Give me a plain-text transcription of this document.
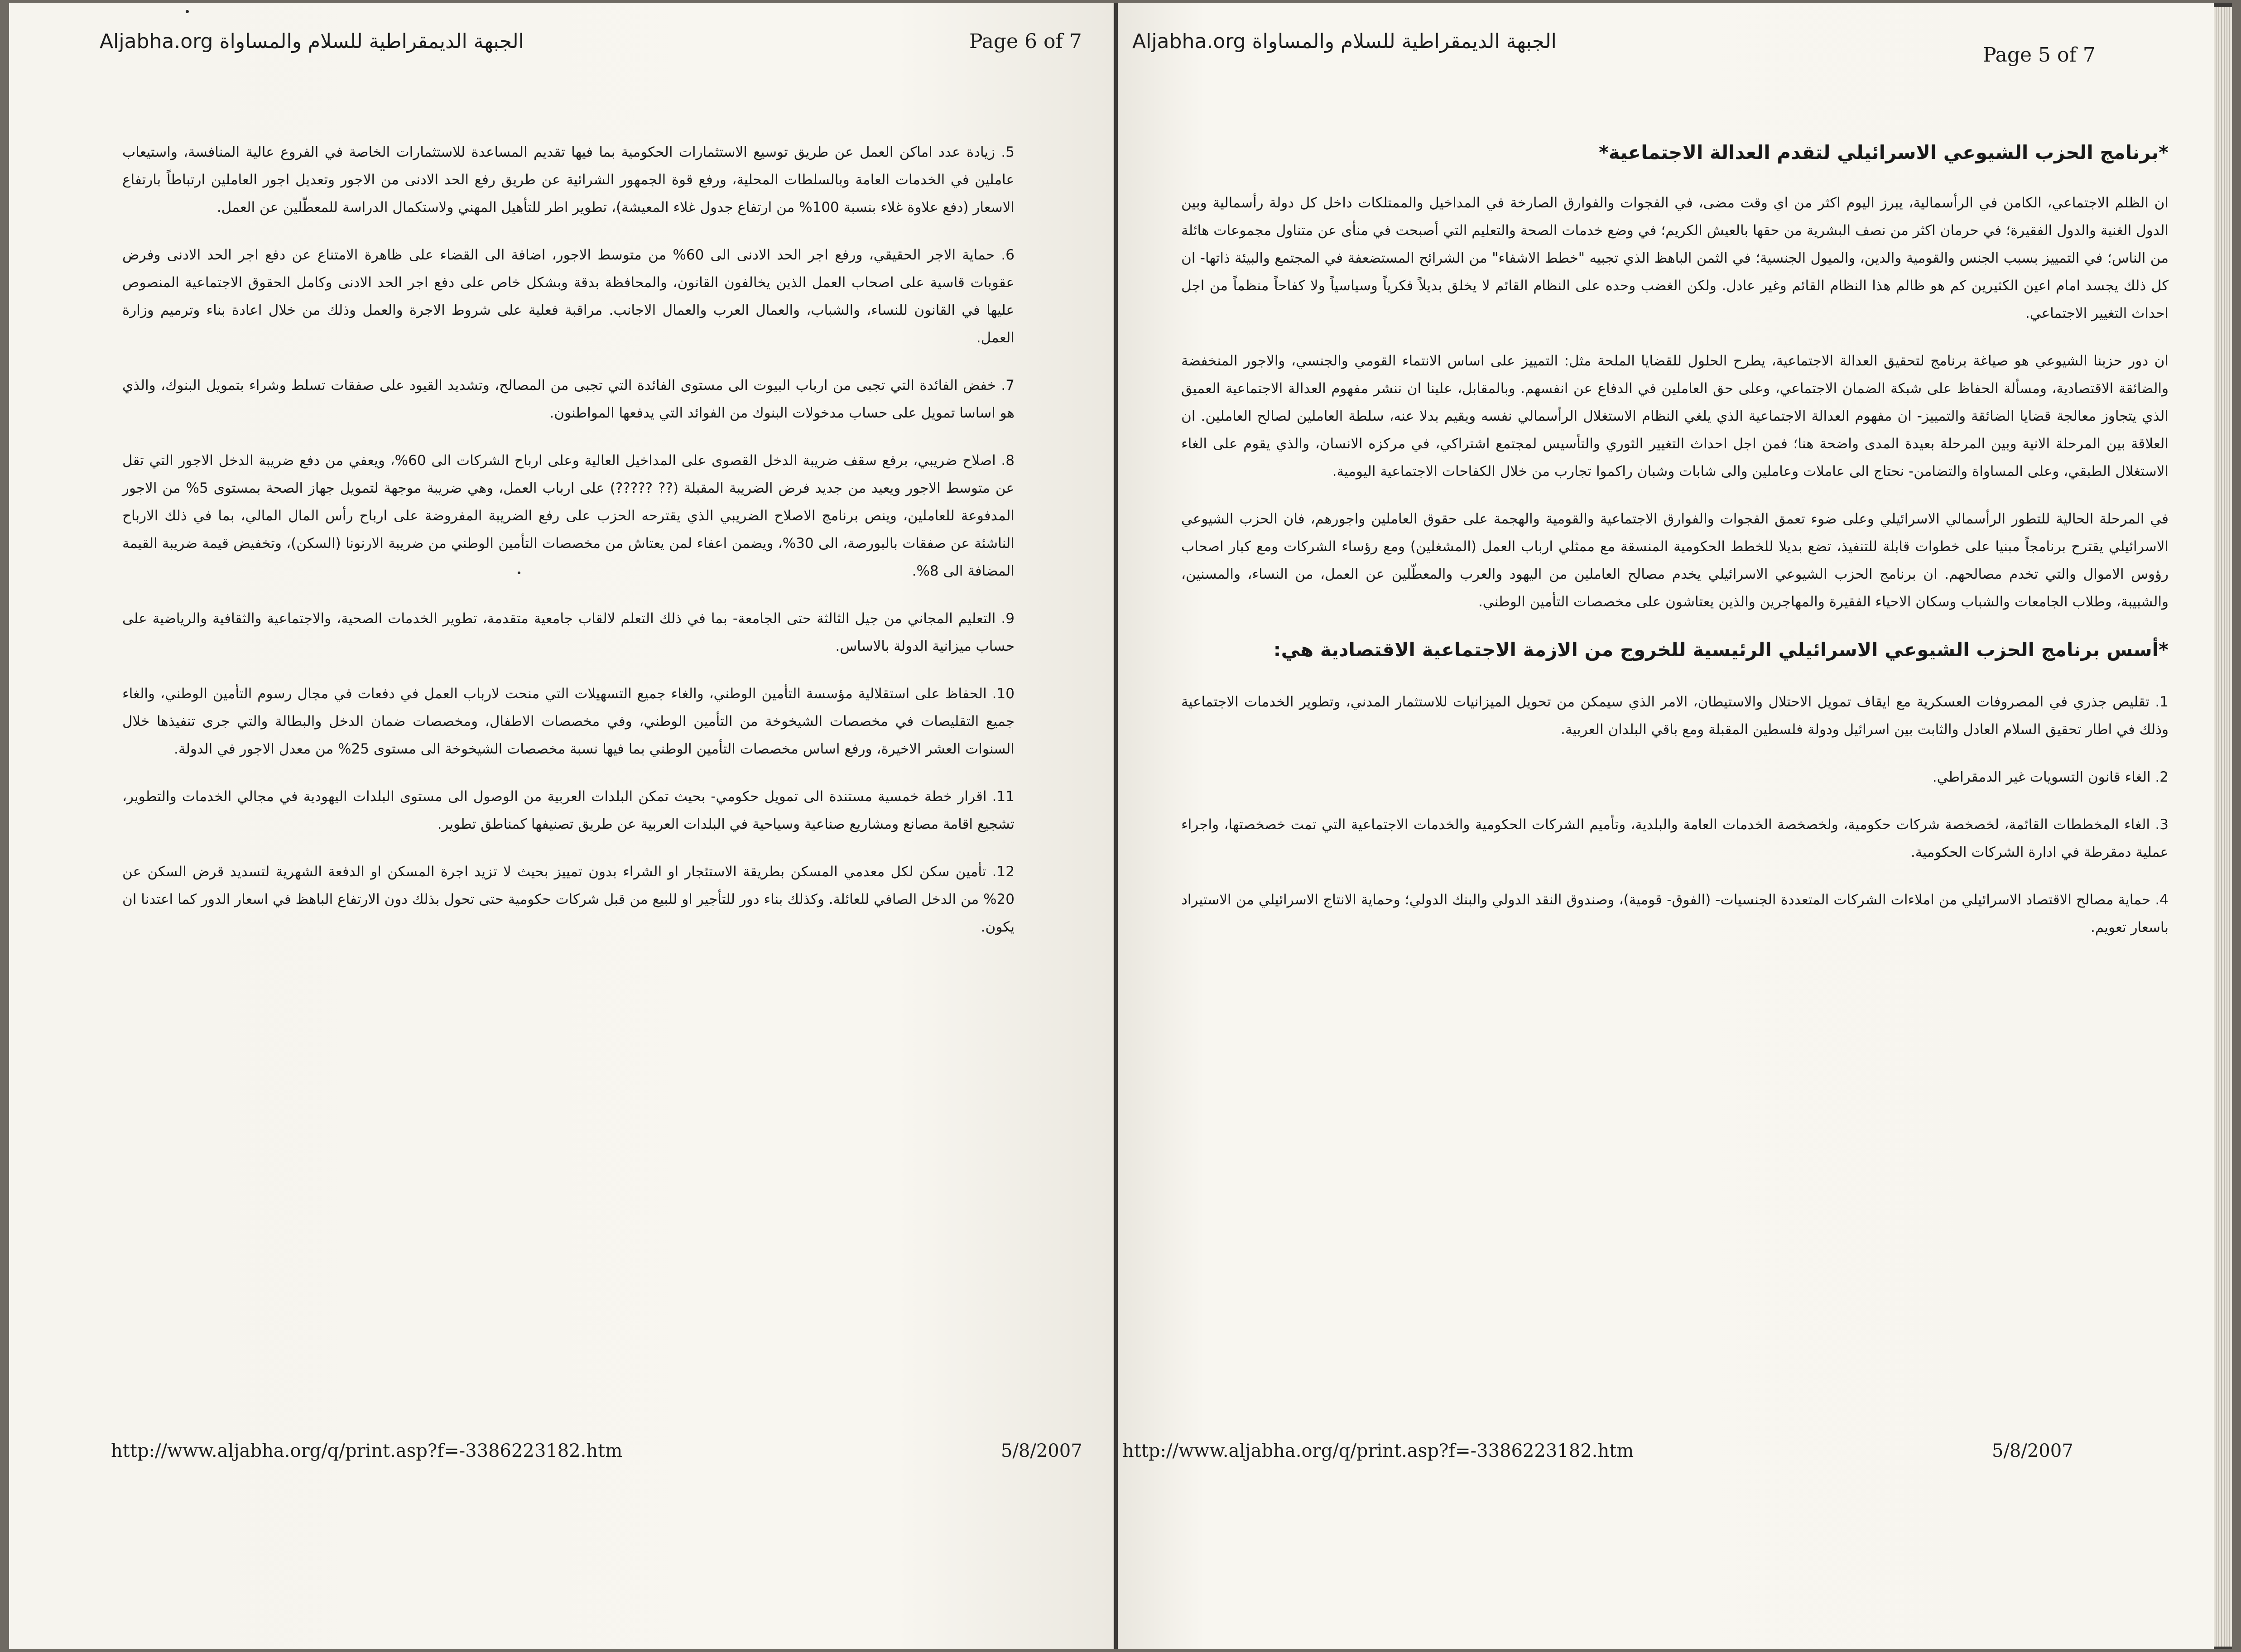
Aljabha.org الجبهة الديمقراطية للسلام والمساواة	Page 6 of 7

5. زيادة عدد اماكن العمل عن طريق توسيع الاستثمارات الحكومية بما فيها تقديم المساعدة للاستثمارات الخاصة في الفروع عالية المنافسة، واستيعاب عاملين في الخدمات العامة وبالسلطات المحلية، ورفع قوة الجمهور الشرائية عن طريق رفع الحد الادنى من الاجور وتعديل اجور العاملين ارتباطاً بارتفاع الاسعار (دفع علاوة غلاء بنسبة 100% من ارتفاع جدول غلاء المعيشة)، تطوير اطر للتأهيل المهني ولاستكمال الدراسة للمعطّلين عن العمل.

6. حماية الاجر الحقيقي، ورفع اجر الحد الادنى الى 60% من متوسط الاجور، اضافة الى القضاء على ظاهرة الامتناع عن دفع اجر الحد الادنى وفرض عقوبات قاسية على اصحاب العمل الذين يخالفون القانون، والمحافظة بدقة وبشكل خاص على دفع اجر الحد الادنى وكامل الحقوق الاجتماعية المنصوص عليها في القانون للنساء، والشباب، والعمال العرب والعمال الاجانب. مراقبة فعلية على شروط الاجرة والعمل وذلك من خلال اعادة بناء وترميم وزارة العمل.

7. خفض الفائدة التي تجبى من ارباب البيوت الى مستوى الفائدة التي تجبى من المصالح، وتشديد القيود على صفقات تسلط وشراء بتمويل البنوك، والذي هو اساسا تمويل على حساب مدخولات البنوك من الفوائد التي يدفعها المواطنون.

8. اصلاح ضريبي، برفع سقف ضريبة الدخل القصوى على المداخيل العالية وعلى ارباح الشركات الى 60%، ويعفي من دفع ضريبة الدخل الاجور التي تقل عن متوسط الاجور ويعيد من جديد فرض الضريبة المقبلة (?? ?????) على ارباب العمل، وهي ضريبة موجهة لتمويل جهاز الصحة بمستوى 5% من الاجور المدفوعة للعاملين، وينص برنامج الاصلاح الضريبي الذي يقترحه الحزب على رفع الضريبة المفروضة على ارباح رأس المال المالي، بما في ذلك الارباح الناشئة عن صفقات بالبورصة، الى 30%، ويضمن اعفاء لمن يعتاش من مخصصات التأمين الوطني من ضريبة الارنونا (السكن)، وتخفيض قيمة ضريبة القيمة المضافة الى 8%.

9. التعليم المجاني من جيل الثالثة حتى الجامعة- بما في ذلك التعلم لالقاب جامعية متقدمة، تطوير الخدمات الصحية، والاجتماعية والثقافية والرياضية على حساب ميزانية الدولة بالاساس.

10. الحفاظ على استقلالية مؤسسة التأمين الوطني، والغاء جميع التسهيلات التي منحت لارباب العمل في دفعات في مجال رسوم التأمين الوطني، والغاء جميع التقليصات في مخصصات الشيخوخة من التأمين الوطني، وفي مخصصات الاطفال، ومخصصات ضمان الدخل والبطالة والتي جرى تنفيذها خلال السنوات العشر الاخيرة، ورفع اساس مخصصات التأمين الوطني بما فيها نسبة مخصصات الشيخوخة الى مستوى 25% من معدل الاجور في الدولة.

11. اقرار خطة خمسية مستندة الى تمويل حكومي- بحيث تمكن البلدات العربية من الوصول الى مستوى البلدات اليهودية في مجالي الخدمات والتطوير، تشجيع اقامة مصانع ومشاريع صناعية وسياحية في البلدات العربية عن طريق تصنيفها كمناطق تطوير.

12. تأمين سكن لكل معدمي المسكن بطريقة الاستئجار او الشراء بدون تمييز بحيث لا تزيد اجرة المسكن او الدفعة الشهرية لتسديد قرض السكن عن 20% من الدخل الصافي للعائلة. وكذلك بناء دور للتأجير او للبيع من قبل شركات حكومية حتى تحول بذلك دون الارتفاع الباهظ في اسعار الدور كما اعتدنا ان يكون.

http://www.aljabha.org/q/print.asp?f=-3386223182.htm	5/8/2007
Aljabha.org الجبهة الديمقراطية للسلام والمساواة
Page 5 of 7
*برنامج الحزب الشيوعي الاسرائيلي لتقدم العدالة الاجتماعية*

ان الظلم الاجتماعي، الكامن في الرأسمالية، يبرز اليوم اكثر من اي وقت مضى، في الفجوات والفوارق الصارخة في المداخيل والممتلكات داخل كل دولة رأسمالية وبين الدول الغنية والدول الفقيرة؛ في حرمان اكثر من نصف البشرية من حقها بالعيش الكريم؛ في وضع خدمات الصحة والتعليم التي أصبحت في منأى عن متناول مجموعات هائلة من الناس؛ في التمييز بسبب الجنس والقومية والدين، والميول الجنسية؛ في الثمن الباهظ الذي تجبيه "خطط الاشفاء" من الشرائح المستضعفة في المجتمع والبيئة ذاتها- ان كل ذلك يجسد امام اعين الكثيرين كم هو ظالم هذا النظام القائم وغير عادل. ولكن الغضب وحده على النظام القائم لا يخلق بديلاً فكرياً وسياسياً ولا كفاحاً منظماً من اجل احداث التغيير الاجتماعي.

ان دور حزبنا الشيوعي هو صياغة برنامج لتحقيق العدالة الاجتماعية، يطرح الحلول للقضايا الملحة مثل: التمييز على اساس الانتماء القومي والجنسي، والاجور المنخفضة والضائقة الاقتصادية، ومسألة الحفاظ على شبكة الضمان الاجتماعي، وعلى حق العاملين في الدفاع عن انفسهم. وبالمقابل، علينا ان ننشر مفهوم العدالة الاجتماعية العميق الذي يتجاوز معالجة قضايا الضائقة والتمييز- ان مفهوم العدالة الاجتماعية الذي يلغي النظام الاستغلال الرأسمالي نفسه ويقيم بدلا عنه، سلطة العاملين لصالح العاملين. ان العلاقة بين المرحلة الانية وبين المرحلة بعيدة المدى واضحة هنا؛ فمن اجل احداث التغيير الثوري والتأسيس لمجتمع اشتراكي، في مركزه الانسان، والذي يقوم على الغاء الاستغلال الطبقي، وعلى المساواة والتضامن- نحتاج الى عاملات وعاملين والى شابات وشبان راكموا تجارب من خلال الكفاحات الاجتماعية اليومية.

في المرحلة الحالية للتطور الرأسمالي الاسرائيلي وعلى ضوء تعمق الفجوات والفوارق الاجتماعية والقومية والهجمة على حقوق العاملين واجورهم، فان الحزب الشيوعي الاسرائيلي يقترح برنامجاً مبنيا على خطوات قابلة للتنفيذ، تضع بديلا للخطط الحكومية المنسقة مع ممثلي ارباب العمل (المشغلين) ومع رؤساء الشركات ومع كبار اصحاب رؤوس الاموال والتي تخدم مصالحهم. ان برنامج الحزب الشيوعي الاسرائيلي يخدم مصالح العاملين من اليهود والعرب والمعطّلين عن العمل، من النساء، والمسنين، والشبيبة، وطلاب الجامعات والشباب وسكان الاحياء الفقيرة والمهاجرين والذين يعتاشون على مخصصات التأمين الوطني.

*أسس برنامج الحزب الشيوعي الاسرائيلي الرئيسية للخروج من الازمة الاجتماعية الاقتصادية هي:

1. تقليص جذري في المصروفات العسكرية مع ايقاف تمويل الاحتلال والاستيطان، الامر الذي سيمكن من تحويل الميزانيات للاستثمار المدني، وتطوير الخدمات الاجتماعية وذلك في اطار تحقيق السلام العادل والثابت بين اسرائيل ودولة فلسطين المقبلة ومع باقي البلدان العربية.

2. الغاء قانون التسويات غير الدمقراطي.

3. الغاء المخططات القائمة، لخصخصة شركات حكومية، ولخصخصة الخدمات العامة والبلدية، وتأميم الشركات الحكومية والخدمات الاجتماعية التي تمت خصخصتها، واجراء عملية دمقرطة في ادارة الشركات الحكومية.

4. حماية مصالح الاقتصاد الاسرائيلي من املاءات الشركات المتعددة الجنسيات- (الفوق- قومية)، وصندوق النقد الدولي والبنك الدولي؛ وحماية الانتاج الاسرائيلي من الاستيراد باسعار تعويم.

http://www.aljabha.org/q/print.asp?f=-3386223182.htm	5/8/2007
